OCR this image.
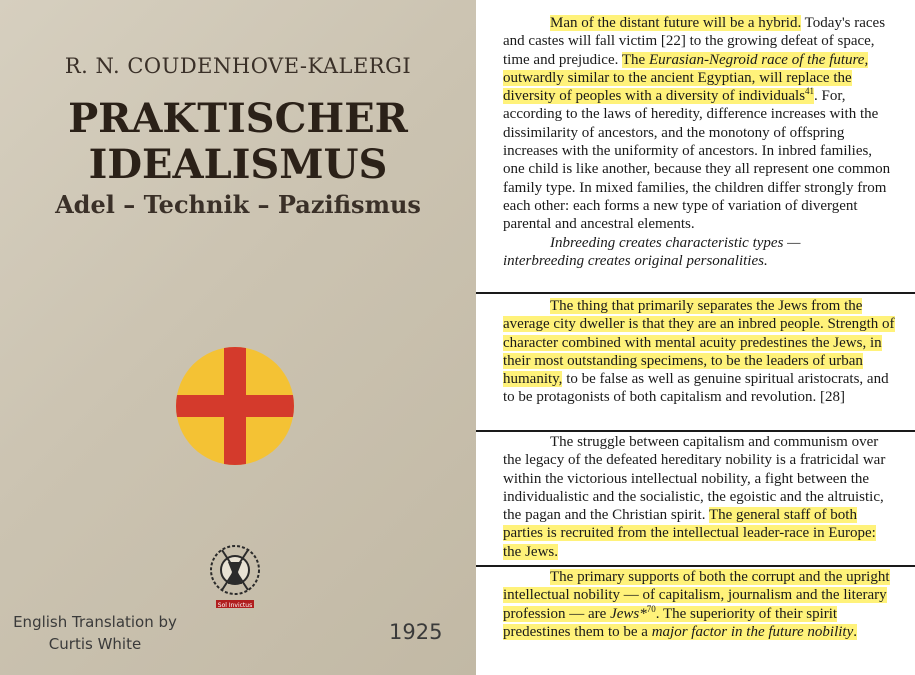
R. N. COUDENHOVE-KALERGI
PRAKTISCHER
IDEALISMUS
Adel – Technik – Pazifismus
Sol Invictus
English Translation by
Curtis White	1925

Man of the distant future will be a hybrid. Today's races and castes will fall victim [22] to the growing defeat of space, time and prejudice. The Eurasian-Negroid race of the future, outwardly similar to the ancient Egyptian, will replace the diversity of peoples with a diversity of individuals$^{41}$. For, according to the laws of heredity, difference increases with the dissimilarity of ancestors, and the monotony of offspring increases with the uniformity of ancestors. In inbred families, one child is like another, because they all represent one common family type. In mixed families, the children differ strongly from each other: each forms a new type of variation of divergent parental and ancestral elements.

Inbreeding creates characteristic types —
interbreeding creates original personalities.

The thing that primarily separates the Jews from the average city dweller is that they are an inbred people. Strength of character combined with mental acuity predestines the Jews, in their most outstanding specimens, to be the leaders of urban humanity, to be false as well as genuine spiritual aristocrats, and to be protagonists of both capitalism and revolution. [28]

The struggle between capitalism and communism over the legacy of the defeated hereditary nobility is a fratricidal war within the victorious intellectual nobility, a fight between the individualistic and the socialistic, the egoistic and the altruistic, the pagan and the Christian spirit. The general staff of both parties is recruited from the intellectual leader-race in Europe: the Jews.

The primary supports of both the corrupt and the upright intellectual nobility — of capitalism, journalism and the literary profession — are Jews*$^{70}$. The superiority of their spirit predestines them to be a major factor in the future nobility.
